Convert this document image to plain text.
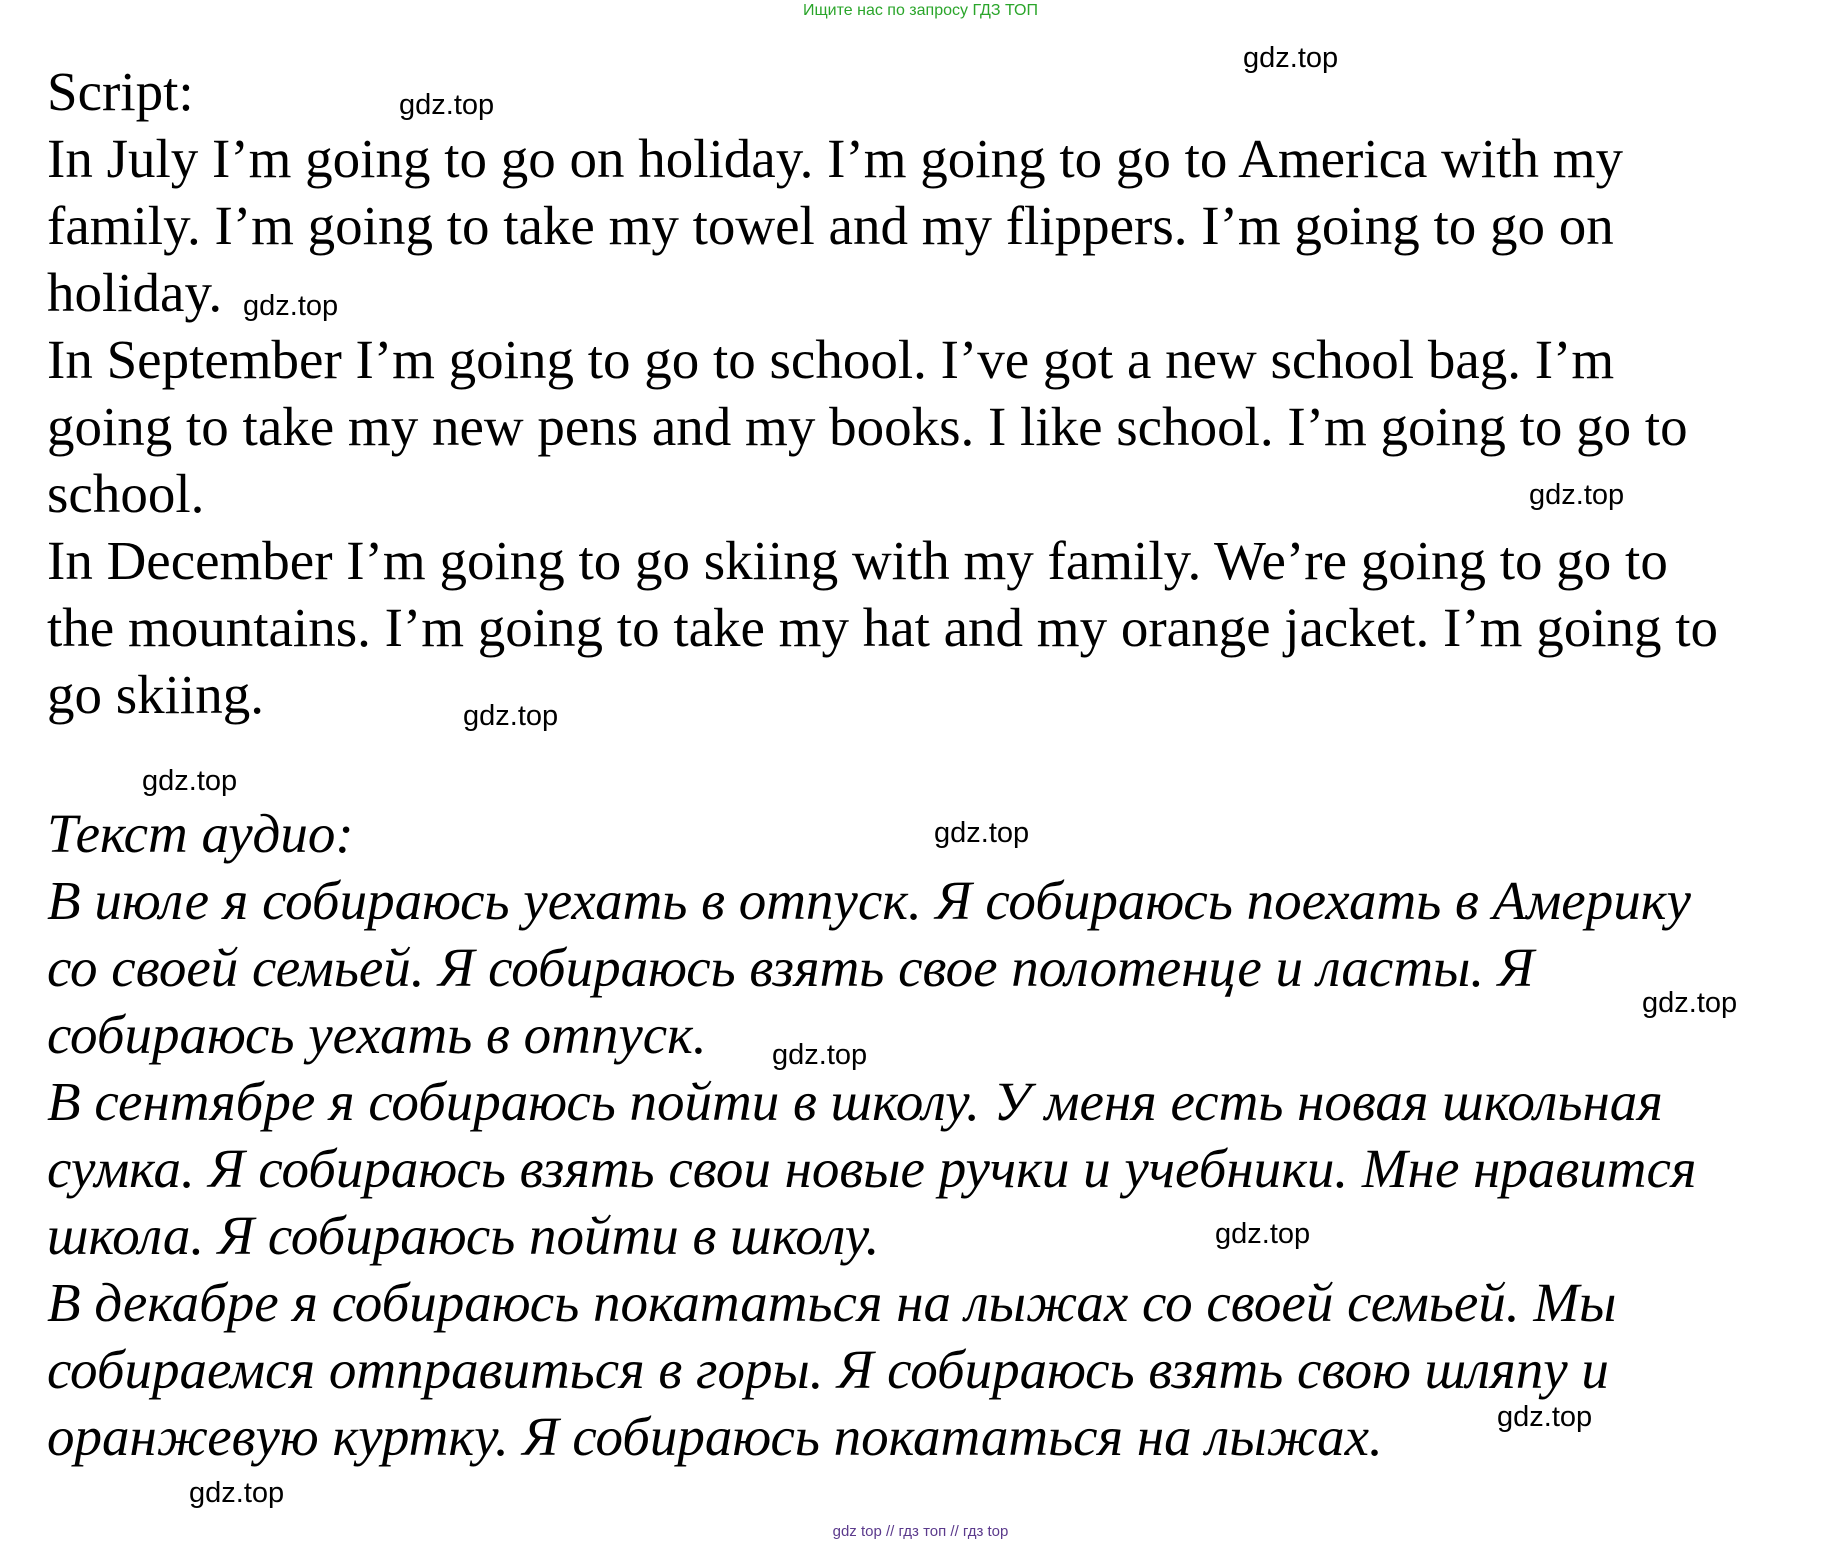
Ищите нас по запросу ГДЗ ТОП
Script:
In July I’m going to go on holiday. I’m going to go to America with my
family. I’m going to take my towel and my flippers. I’m going to go on
holiday.
In September I’m going to go to school. I’ve got a new school bag. I’m
going to take my new pens and my books. I like school. I’m going to go to
school.
In December I’m going to go skiing with my family. We’re going to go to
the mountains. I’m going to take my hat and my orange jacket. I’m going to
go skiing.
Текст аудио:
В июле я собираюсь уехать в отпуск. Я собираюсь поехать в Америку
со своей семьей. Я собираюсь взять свое полотенце и ласты. Я
собираюсь уехать в отпуск.
В сентябре я собираюсь пойти в школу. У меня есть новая школьная
сумка. Я собираюсь взять свои новые ручки и учебники. Мне нравится
школа. Я собираюсь пойти в школу.
В декабре я собираюсь покататься на лыжах со своей семьей. Мы
собираемся отправиться в горы. Я собираюсь взять свою шляпу и
оранжевую куртку. Я собираюсь покататься на лыжах.
gdz.top
gdz.top
gdz.top
gdz.top
gdz.top
gdz.top
gdz.top
gdz.top
gdz.top
gdz.top
gdz.top
gdz.top
gdz top // гдз топ // гдз top
